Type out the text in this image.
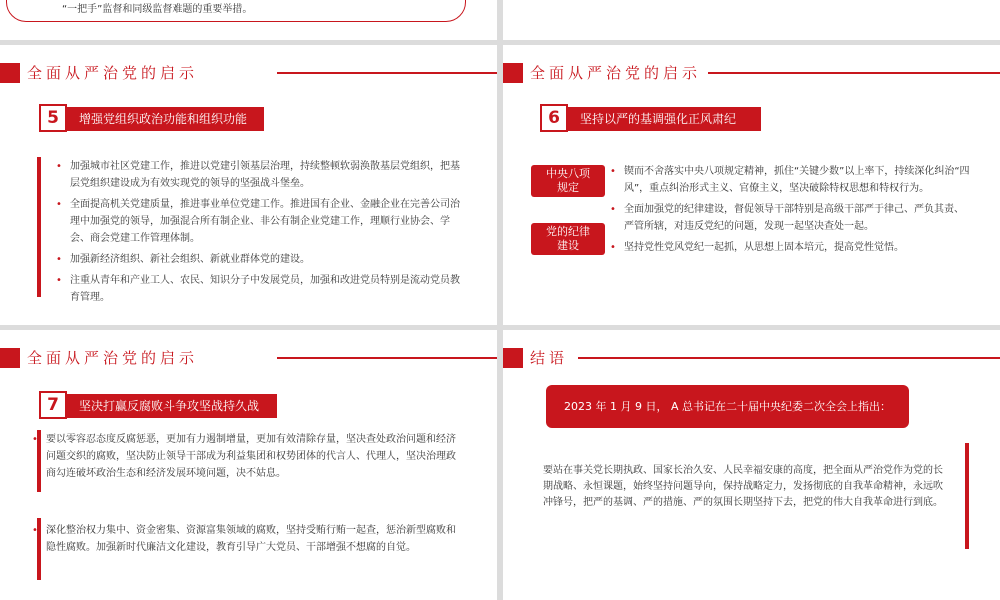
“一把手”监督和同级监督难题的重要举措。
全面从严治党的启示
5	增强党组织政治功能和组织功能
• 加强城市社区党建工作，推进以党建引领基层治理，持续整顿软弱涣散基层党组织，把基层党组织建设成为有效实现党的领导的坚强战斗堡垒。
• 全面提高机关党建质量，推进事业单位党建工作。推进国有企业、金融企业在完善公司治理中加强党的领导，加强混合所有制企业、非公有制企业党建工作，理顺行业协会、学会、商会党建工作管理体制。
• 加强新经济组织、新社会组织、新就业群体党的建设。
• 注重从青年和产业工人、农民、知识分子中发展党员，加强和改进党员特别是流动党员教育管理。
全面从严治党的启示
6	坚持以严的基调强化正风肃纪
中央八项
规定
党的纪律
建设
• 锲而不舍落实中央八项规定精神，抓住“关键少数”以上率下，持续深化纠治“四风”，重点纠治形式主义、官僚主义，坚决破除特权思想和特权行为。
• 全面加强党的纪律建设，督促领导干部特别是高级干部严于律己、严负其责、严管所辖，对违反党纪的问题，发现一起坚决查处一起。
• 坚持党性党风党纪一起抓，从思想上固本培元，提高党性觉悟。
全面从严治党的启示
7	坚决打赢反腐败斗争攻坚战持久战
• 要以零容忍态度反腐惩恶，更加有力遏制增量，更加有效清除存量，坚决查处政治问题和经济问题交织的腐败，坚决防止领导干部成为利益集团和权势团体的代言人、代理人，坚决治理政商勾连破坏政治生态和经济发展环境问题，决不姑息。
• 深化整治权力集中、资金密集、资源富集领域的腐败，坚持受贿行贿一起查，惩治新型腐败和隐性腐败。加强新时代廉洁文化建设，教育引导广大党员、干部增强不想腐的自觉。
结语
2023 年 1 月 9 日， A 总书记在二十届中央纪委二次全会上指出：
要站在事关党长期执政、国家长治久安、人民幸福安康的高度，把全面从严治党作为党的长期战略、永恒课题，始终坚持问题导向，保持战略定力，发扬彻底的自我革命精神，永远吹冲锋号，把严的基调、严的措施、严的氛围长期坚持下去，把党的伟大自我革命进行到底。
